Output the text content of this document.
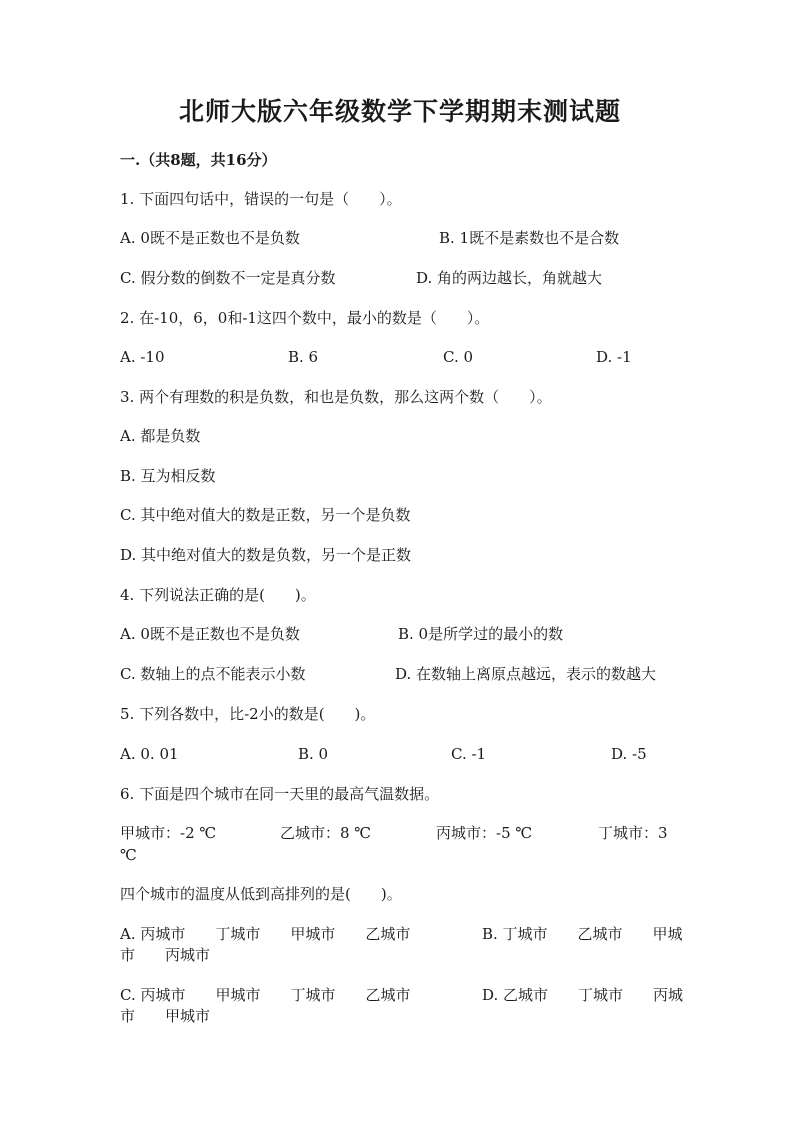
北师大版六年级数学下学期期末测试题
一.（共8题，共16分）
1. 下面四句话中，错误的一句是（　　）。
A. 0既不是正数也不是负数	B. 1既不是素数也不是合数
C. 假分数的倒数不一定是真分数	D. 角的两边越长，角就越大
2. 在-10，6，0和-1这四个数中，最小的数是（　　）。
A. -10	B. 6	C. 0	D. -1
3. 两个有理数的积是负数，和也是负数，那么这两个数（　　）。
A. 都是负数
B. 互为相反数
C. 其中绝对值大的数是正数，另一个是负数
D. 其中绝对值大的数是负数，另一个是正数
4. 下列说法正确的是(　　)。
A. 0既不是正数也不是负数	B. 0是所学过的最小的数
C. 数轴上的点不能表示小数	D. 在数轴上离原点越远，表示的数越大
5. 下列各数中，比-2小的数是(　　)。
A. 0. 01	B. 0	C. -1	D. -5
6. 下面是四个城市在同一天里的最高气温数据。
甲城市：-2 ℃	乙城市：8 ℃	丙城市：-5 ℃	丁城市：3
℃
四个城市的温度从低到高排列的是(　　)。
A. 丙城市　　丁城市　　甲城市　　乙城市	B. 丁城市　　乙城市　　甲城
市　　丙城市
C. 丙城市　　甲城市　　丁城市　　乙城市	D. 乙城市　　丁城市　　丙城
市　　甲城市
